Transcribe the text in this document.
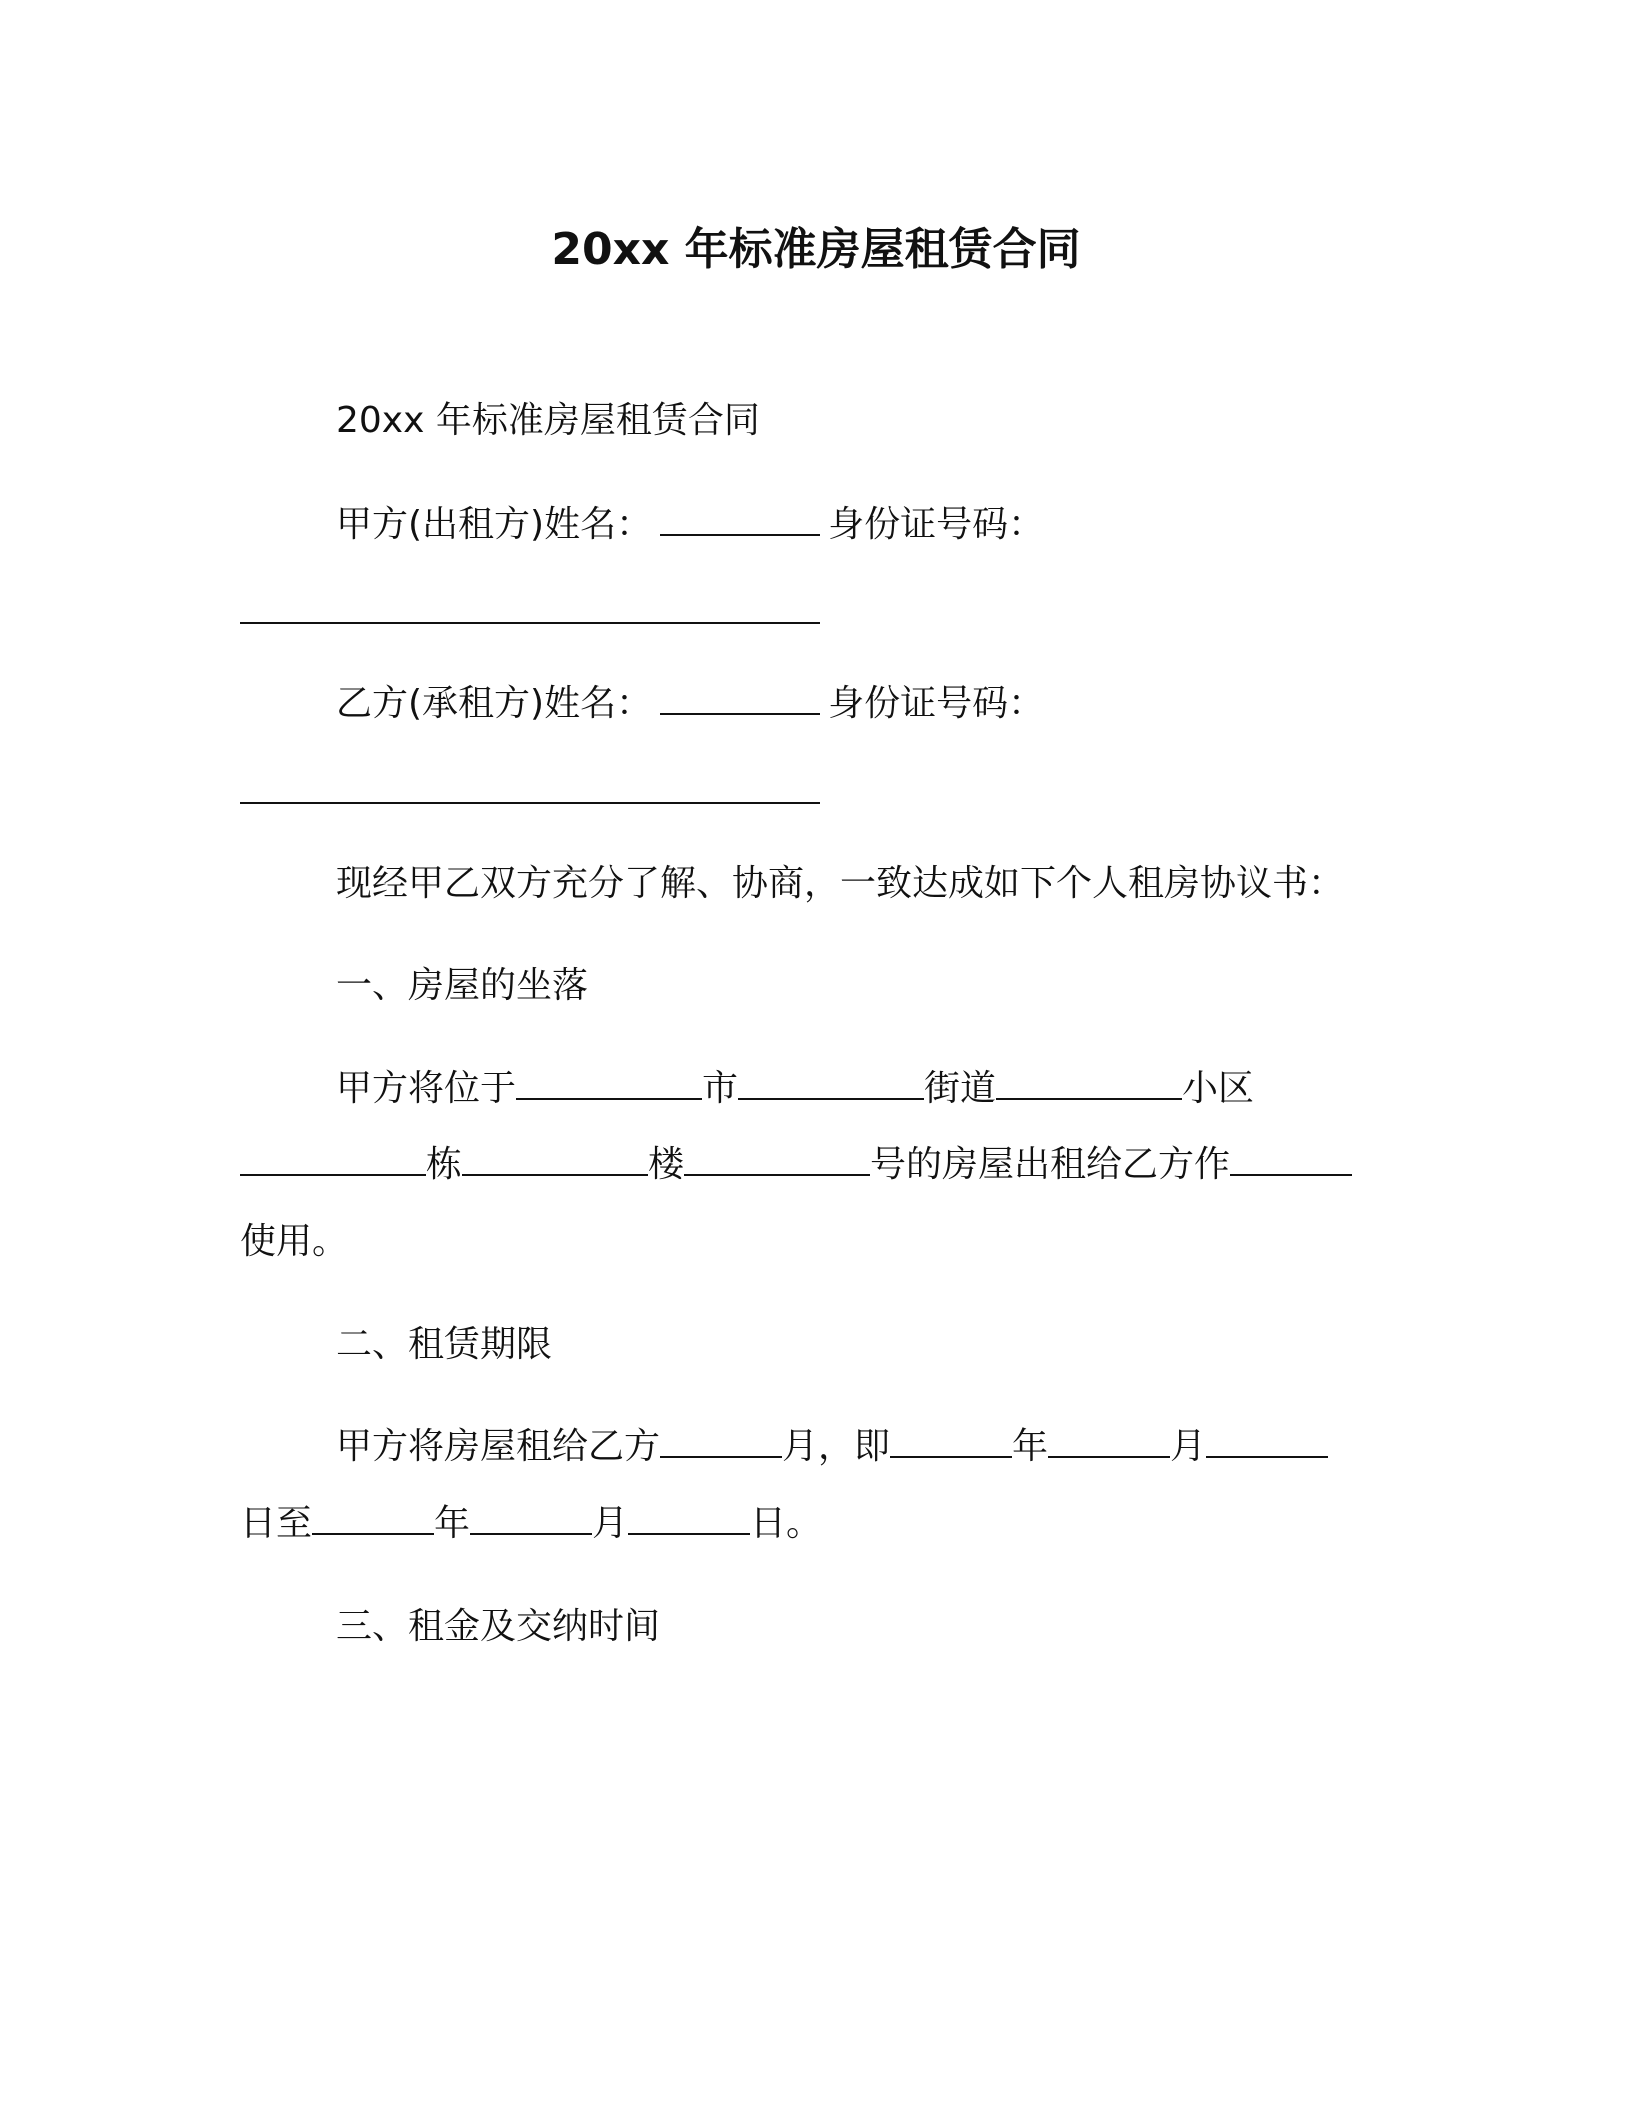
20xx 年标准房屋租赁合同

20xx 年标准房屋租赁合同

甲方(出租方)姓名：	身份证号码：

乙方(承租方)姓名：	身份证号码：

现经甲乙双方充分了解、协商，一致达成如下个人租房协议书：

一、房屋的坐落

甲方将位于	市	街道	小区

栋	楼	号的房屋出租给乙方作

使用。

二、租赁期限

甲方将房屋租给乙方	月，即	年	月

日至	年	月	日。

三、租金及交纳时间
